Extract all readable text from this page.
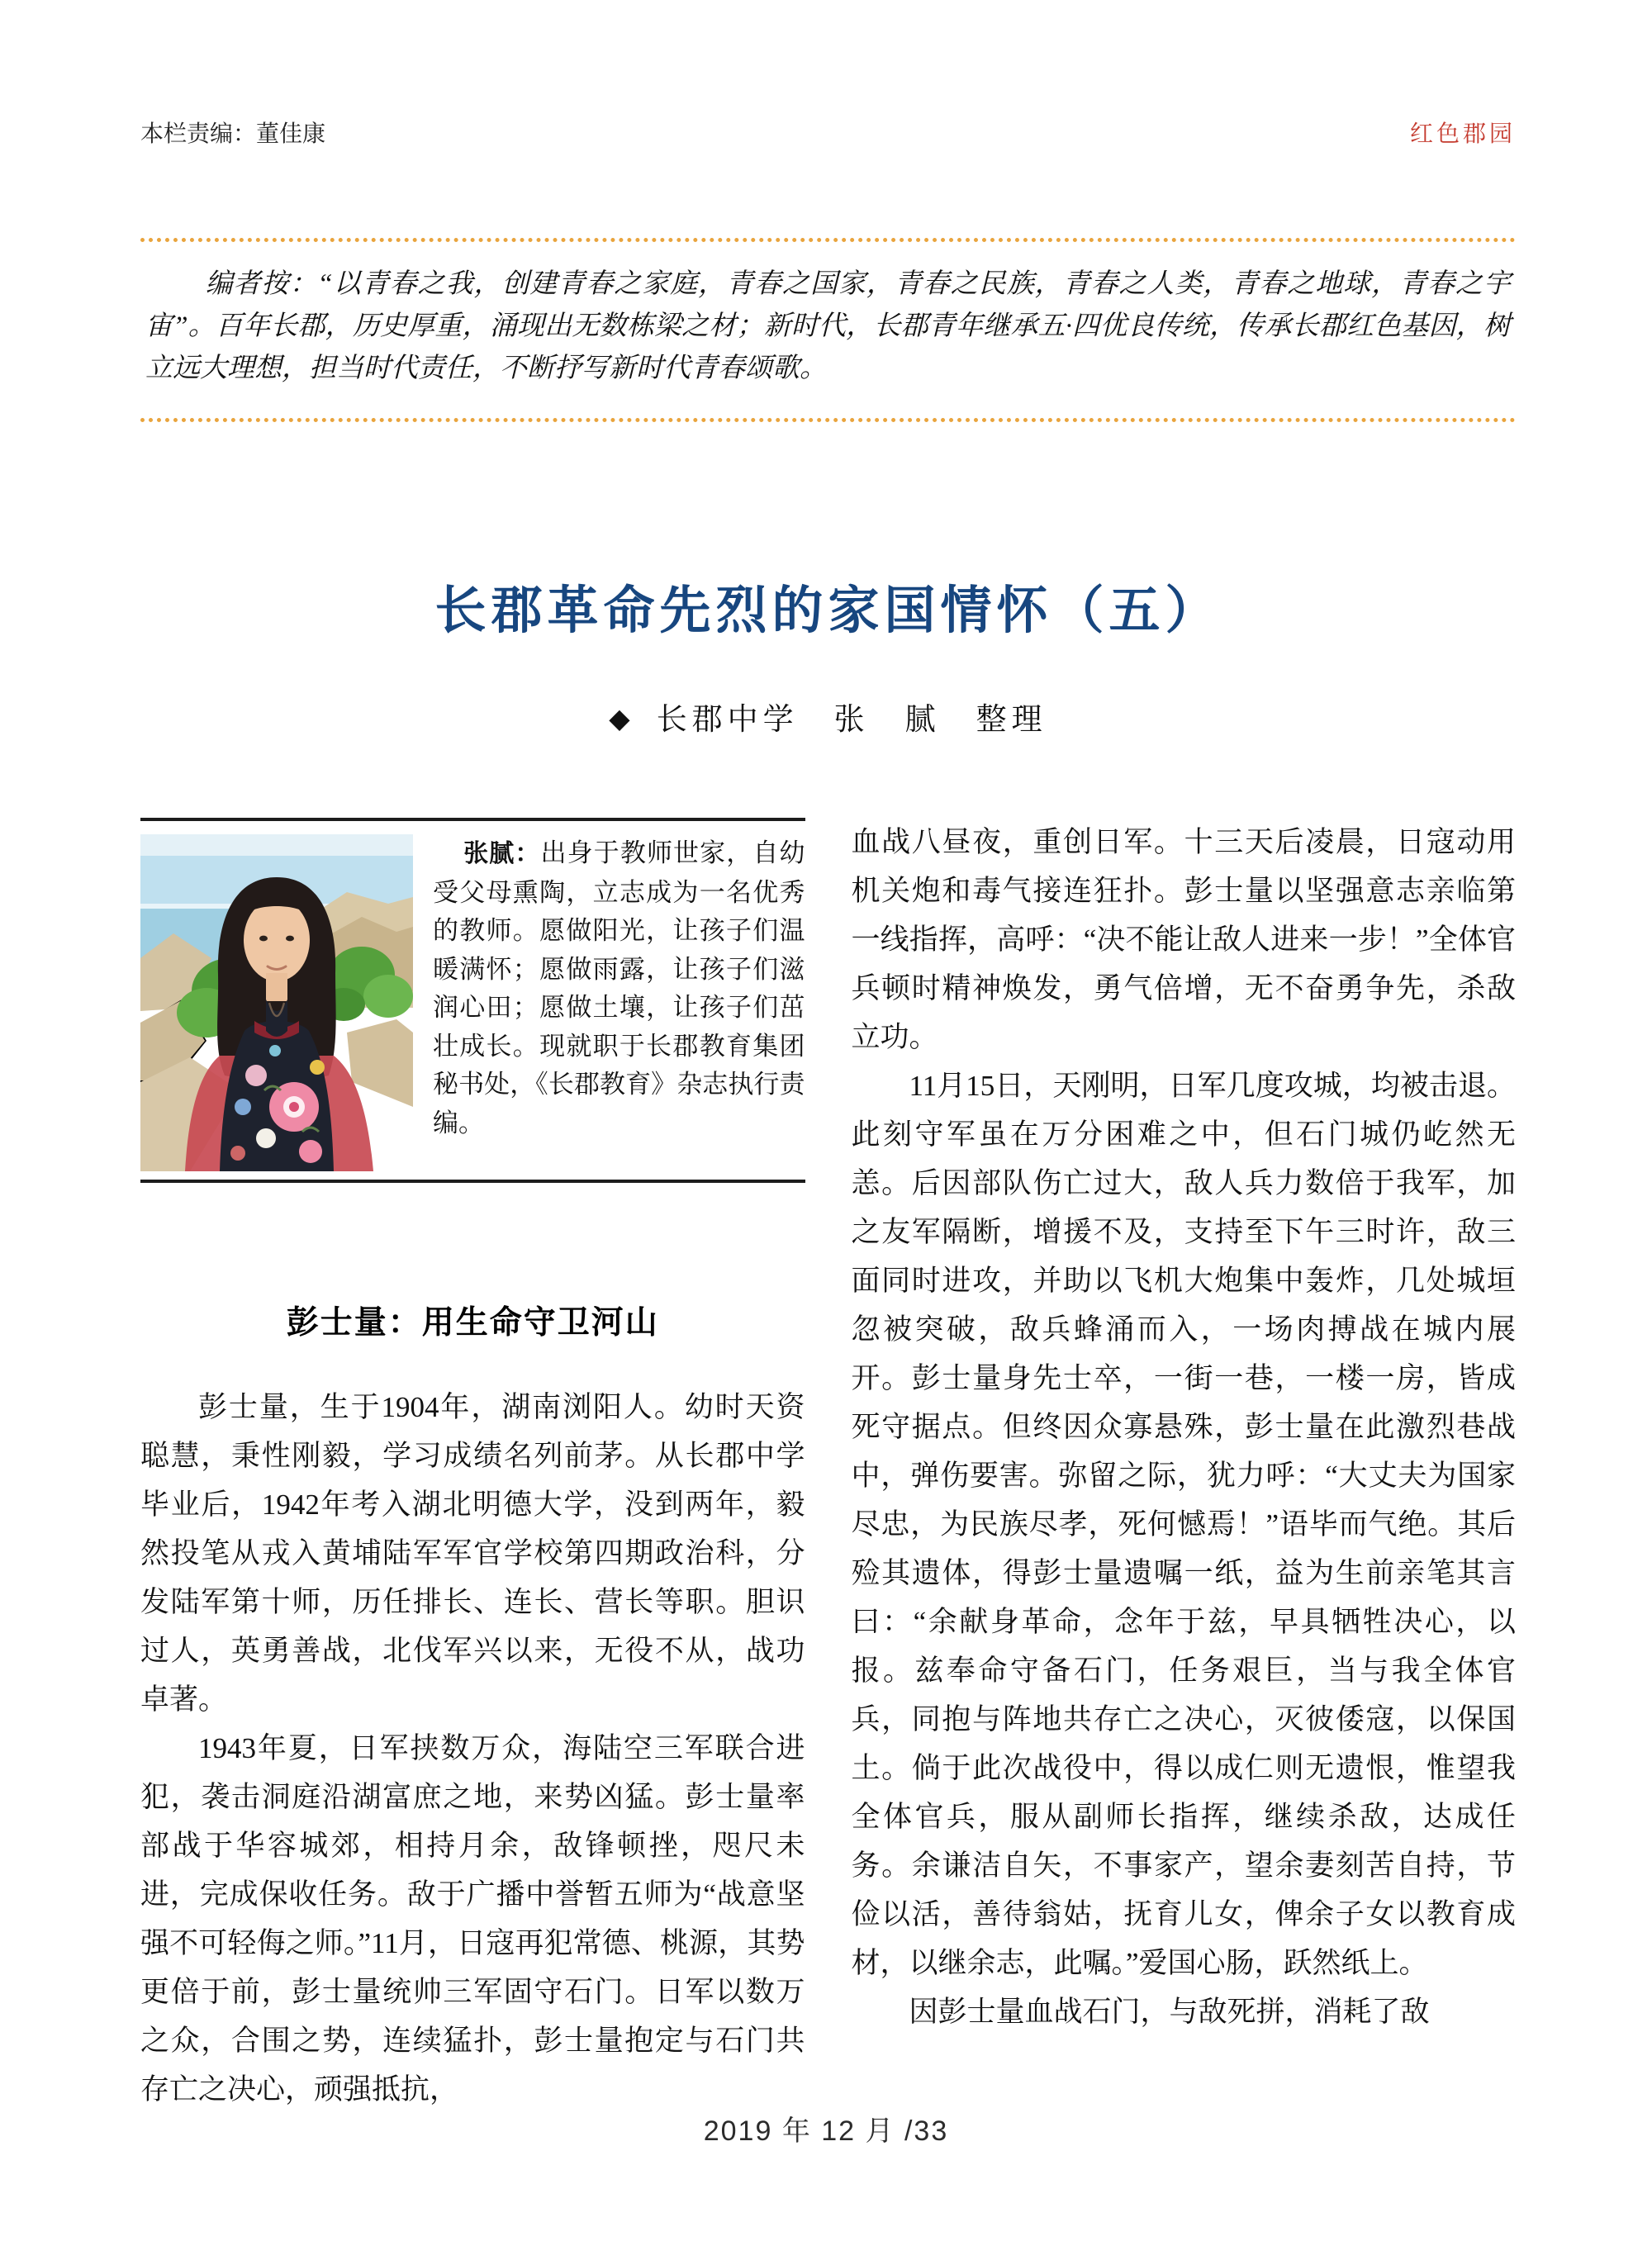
本栏责编：董佳康	红色郡园

编者按：“以青春之我，创建青春之家庭，青春之国家，青春之民族，青春之人类，青春之地球，青春之宇宙”。百年长郡，历史厚重，涌现出无数栋梁之材；新时代，长郡青年继承五·四优良传统，传承长郡红色基因，树立远大理想，担当时代责任，不断抒写新时代青春颂歌。

长郡革命先烈的家国情怀（五）
◆ 长郡中学　张　腻　整理

张腻：出身于教师世家，自幼受父母熏陶，立志成为一名优秀的教师。愿做阳光，让孩子们温暖满怀；愿做雨露，让孩子们滋润心田；愿做土壤，让孩子们茁壮成长。现就职于长郡教育集团秘书处，《长郡教育》杂志执行责编。

彭士量：用生命守卫河山

彭士量，生于1904年，湖南浏阳人。幼时天资聪慧，秉性刚毅，学习成绩名列前茅。从长郡中学毕业后，1942年考入湖北明德大学，没到两年，毅然投笔从戎入黄埔陆军军官学校第四期政治科，分发陆军第十师，历任排长、连长、营长等职。胆识过人，英勇善战，北伐军兴以来，无役不从，战功卓著。

1943年夏，日军挟数万众，海陆空三军联合进犯，袭击洞庭沿湖富庶之地，来势凶猛。彭士量率部战于华容城郊，相持月余，敌锋顿挫，咫尺未进，完成保收任务。敌于广播中誉暂五师为“战意坚强不可轻侮之师。”11月，日寇再犯常德、桃源，其势更倍于前，彭士量统帅三军固守石门。日军以数万之众，合围之势，连续猛扑，彭士量抱定与石门共存亡之决心，顽强抵抗，

血战八昼夜，重创日军。十三天后凌晨，日寇动用机关炮和毒气接连狂扑。彭士量以坚强意志亲临第一线指挥，高呼：“决不能让敌人进来一步！”全体官兵顿时精神焕发，勇气倍增，无不奋勇争先，杀敌立功。

11月15日，天刚明，日军几度攻城，均被击退。此刻守军虽在万分困难之中，但石门城仍屹然无恙。后因部队伤亡过大，敌人兵力数倍于我军，加之友军隔断，增援不及，支持至下午三时许，敌三面同时进攻，并助以飞机大炮集中轰炸，几处城垣忽被突破，敌兵蜂涌而入，一场肉搏战在城内展开。彭士量身先士卒，一街一巷，一楼一房，皆成死守据点。但终因众寡悬殊，彭士量在此激烈巷战中，弹伤要害。弥留之际，犹力呼：“大丈夫为国家尽忠，为民族尽孝，死何憾焉！”语毕而气绝。其后殓其遗体，得彭士量遗嘱一纸，益为生前亲笔其言曰：“余献身革命，念年于兹，早具牺牲决心，以报。兹奉命守备石门，任务艰巨，当与我全体官兵，同抱与阵地共存亡之决心，灭彼倭寇，以保国土。倘于此次战役中，得以成仁则无遗恨，惟望我全体官兵，服从副师长指挥，继续杀敌，达成任务。余谦洁自矢，不事家产，望余妻刻苦自持，节俭以活，善待翁姑，抚育儿女，俾余子女以教育成材，以继余志，此嘱。”爱国心肠，跃然纸上。

因彭士量血战石门，与敌死拼，消耗了敌

2019 年 12 月 /33
